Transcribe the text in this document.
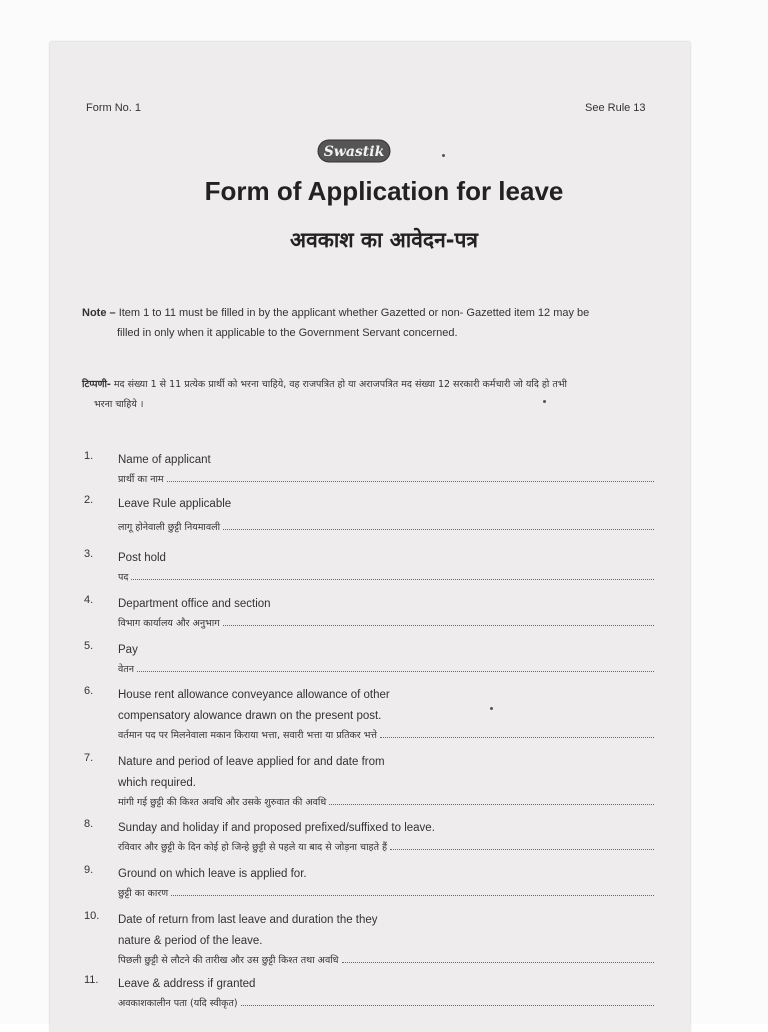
Form No. 1	See Rule 13
Swastik
Form of Application for leave
अवकाश का आवेदन-पत्र
Note – Item 1 to 11 must be filled in by the applicant whether Gazetted or non- Gazetted item 12 may be
filled in only when it applicable to the Government Servant concerned.
टिप्पणी- मद संख्या 1 से 11 प्रत्येक प्रार्थी को भरना चाहिये, वह राजपत्रित हो या अराजपत्रित मद संख्या 12 सरकारी कर्मचारी जो यदि हो तभी
भरना चाहिये ।
1.	Name of applicant
प्रार्थी का नाम
2.	Leave Rule applicable
लागू होनेवाली छुट्टी नियमावली
3.	Post hold
पद
4.	Department office and section
विभाग कार्यालय और अनुभाग
5.	Pay
वेतन
6.	House rent allowance conveyance allowance of other
compensatory alowance drawn on the present post.
वर्तमान पद पर मिलनेवाला मकान किराया भत्ता, सवारी भत्ता या प्रतिकर भत्ते
7.	Nature and period of leave applied for and date from
which required.
मांगी गई छुट्टी की किश्त अवधि और उसके शुरुवात की अवधि
8.	Sunday and holiday if and proposed prefixed/suffixed to leave.
रविवार और छुट्टी के दिन कोई हो जिन्हे छुट्टी से पहले या बाद से जोड़ना चाहते हैं
9.	Ground on which leave is applied for.
छुट्टी का कारण
10.	Date of return from last leave and duration the they
nature & period of the leave.
पिछली छुट्टी से लौटने की तारीख और उस छुट्टी किश्त तथा अवधि
11.	Leave & address if granted
अवकाशकालीन पता (यदि स्वीकृत)
